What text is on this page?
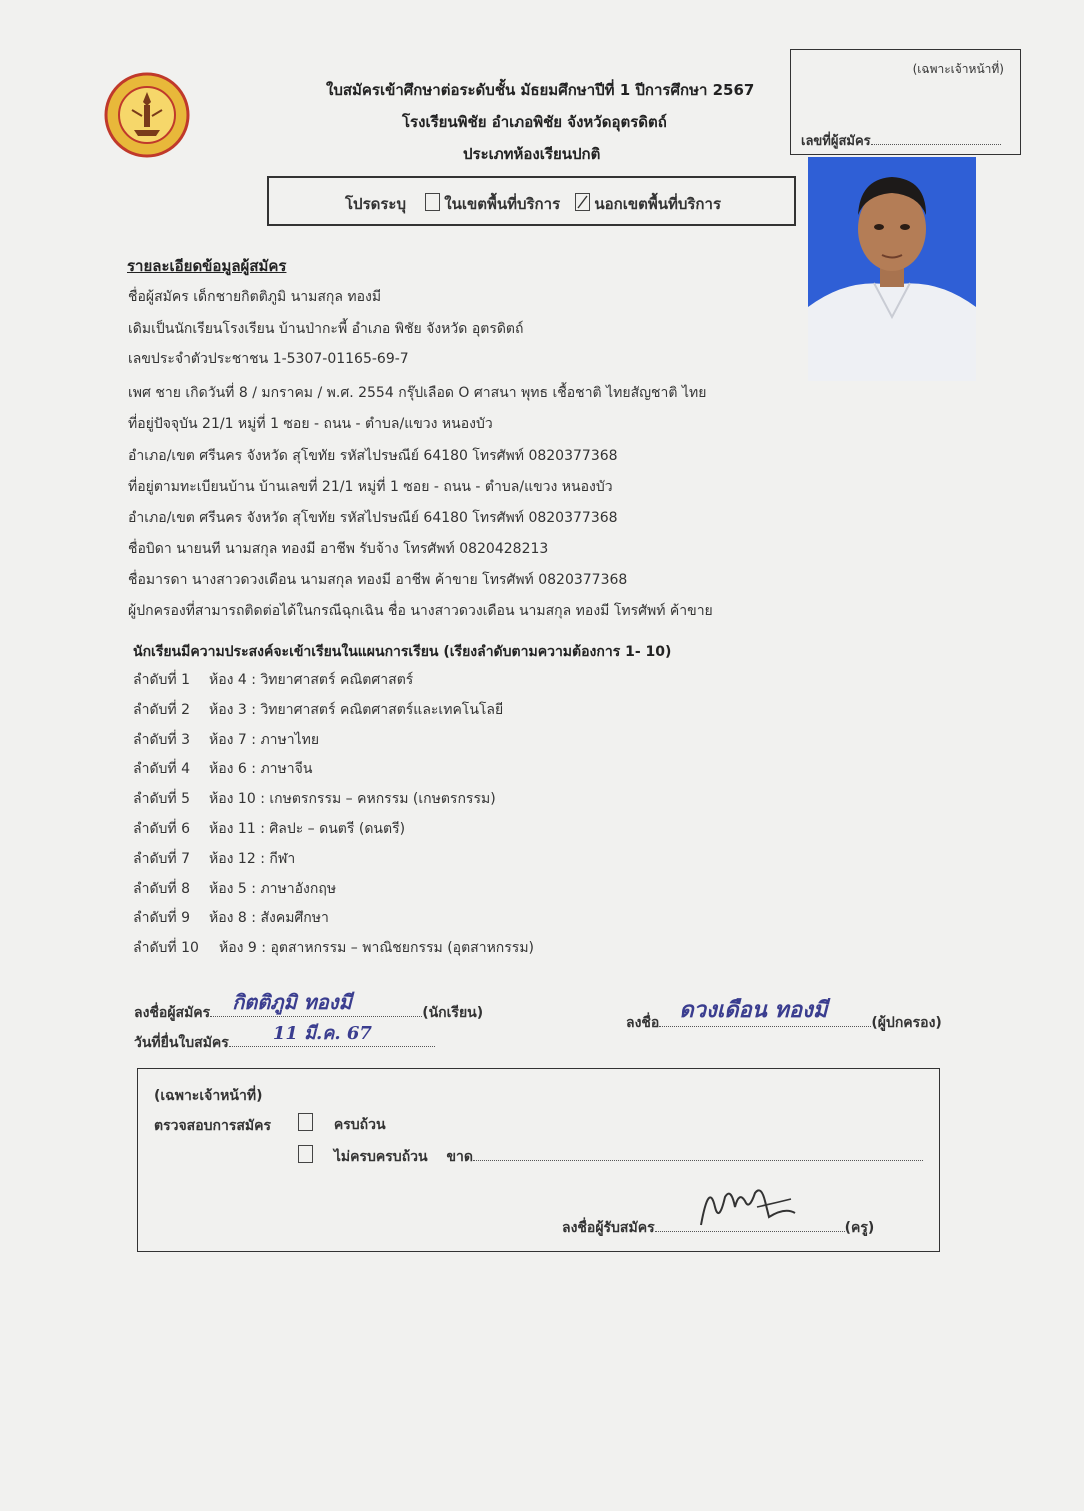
ใบสมัครเข้าศึกษาต่อระดับชั้น มัธยมศึกษาปีที่ 1 ปีการศึกษา 2567
โรงเรียนพิชัย อำเภอพิชัย จังหวัดอุตรดิตถ์
ประเภทห้องเรียนปกติ
(เฉพาะเจ้าหน้าที่)
เลขที่ผู้สมัคร
โปรดระบุ	ในเขตพื้นที่บริการ นอกเขตพื้นที่บริการ
รายละเอียดข้อมูลผู้สมัคร
ชื่อผู้สมัคร เด็กชายกิตติภูมิ นามสกุล ทองมี
เดิมเป็นนักเรียนโรงเรียน บ้านป่ากะพี้ อำเภอ พิชัย จังหวัด อุตรดิตถ์
เลขประจำตัวประชาชน 1-5307-01165-69-7
เพศ ชาย เกิดวันที่ 8 / มกราคม / พ.ศ. 2554 กรุ๊ปเลือด O ศาสนา พุทธ เชื้อชาติ ไทยสัญชาติ ไทย
ที่อยู่ปัจจุบัน 21/1 หมู่ที่ 1 ซอย - ถนน - ตำบล/แขวง หนองบัว
อำเภอ/เขต ศรีนคร จังหวัด สุโขทัย รหัสไปรษณีย์ 64180 โทรศัพท์ 0820377368
ที่อยู่ตามทะเบียนบ้าน บ้านเลขที่ 21/1 หมู่ที่ 1 ซอย - ถนน - ตำบล/แขวง หนองบัว
อำเภอ/เขต ศรีนคร จังหวัด สุโขทัย รหัสไปรษณีย์ 64180 โทรศัพท์ 0820377368
ชื่อบิดา นายนที นามสกุล ทองมี อาชีพ รับจ้าง โทรศัพท์ 0820428213
ชื่อมารดา นางสาวดวงเดือน นามสกุล ทองมี อาชีพ ค้าขาย โทรศัพท์ 0820377368
ผู้ปกครองที่สามารถติดต่อได้ในกรณีฉุกเฉิน ชื่อ นางสาวดวงเดือน นามสกุล ทองมี โทรศัพท์ ค้าขาย
นักเรียนมีความประสงค์จะเข้าเรียนในแผนการเรียน (เรียงลำดับตามความต้องการ 1- 10)
ลำดับที่ 1 ห้อง 4 : วิทยาศาสตร์ คณิตศาสตร์
ลำดับที่ 2 ห้อง 3 : วิทยาศาสตร์ คณิตศาสตร์และเทคโนโลยี
ลำดับที่ 3 ห้อง 7 : ภาษาไทย
ลำดับที่ 4 ห้อง 6 : ภาษาจีน
ลำดับที่ 5 ห้อง 10 : เกษตรกรรม – คหกรรม (เกษตรกรรม)
ลำดับที่ 6 ห้อง 11 : ศิลปะ – ดนตรี (ดนตรี)
ลำดับที่ 7 ห้อง 12 : กีฬา
ลำดับที่ 8 ห้อง 5 : ภาษาอังกฤษ
ลำดับที่ 9 ห้อง 8 : สังคมศึกษา
ลำดับที่ 10 ห้อง 9 : อุตสาหกรรม – พาณิชยกรรม (อุตสาหกรรม)
ลงชื่อผู้สมัคร กิตติภูมิ ทองมี	(นักเรียน)
วันที่ยื่นใบสมัคร 11 มี.ค. 67	ลงชื่อ ดวงเดือน ทองมี	(ผู้ปกครอง)
(เฉพาะเจ้าหน้าที่)
ตรวจสอบการสมัคร	ครบถ้วน
ไม่ครบครบถ้วน ขาด
ลงชื่อผู้รับสมัคร	(ครู)
